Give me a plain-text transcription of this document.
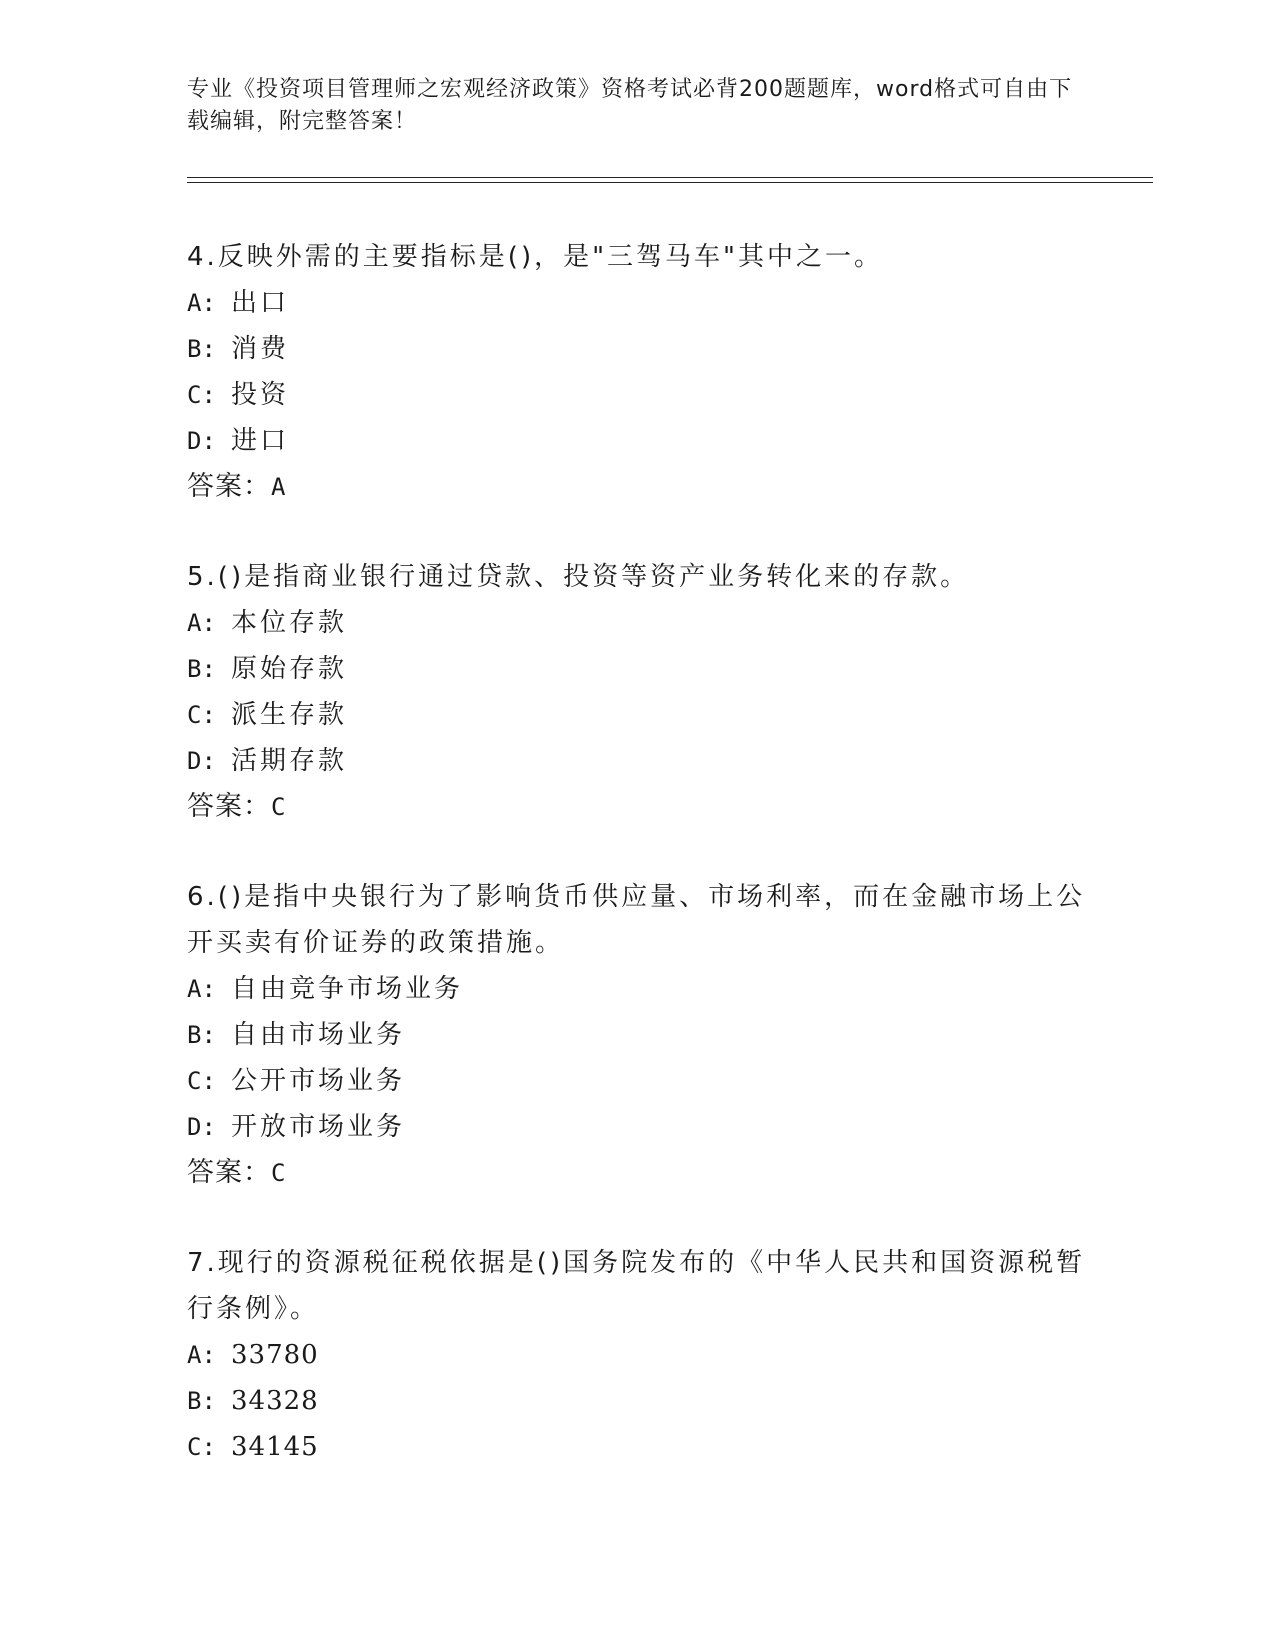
专业《投资项目管理师之宏观经济政策》资格考试必背200题题库，word格式可自由下载编辑，附完整答案！
4.反映外需的主要指标是()，是"三驾马车"其中之一。
A: 出口
B: 消费
C: 投资
D: 进口
答案：A
5.()是指商业银行通过贷款、投资等资产业务转化来的存款。
A: 本位存款
B: 原始存款
C: 派生存款
D: 活期存款
答案：C
6.()是指中央银行为了影响货币供应量、市场利率，而在金融市场上公开买卖有价证券的政策措施。
A: 自由竞争市场业务
B: 自由市场业务
C: 公开市场业务
D: 开放市场业务
答案：C
7.现行的资源税征税依据是()国务院发布的《中华人民共和国资源税暂行条例》。
A: 33780
B: 34328
C: 34145
